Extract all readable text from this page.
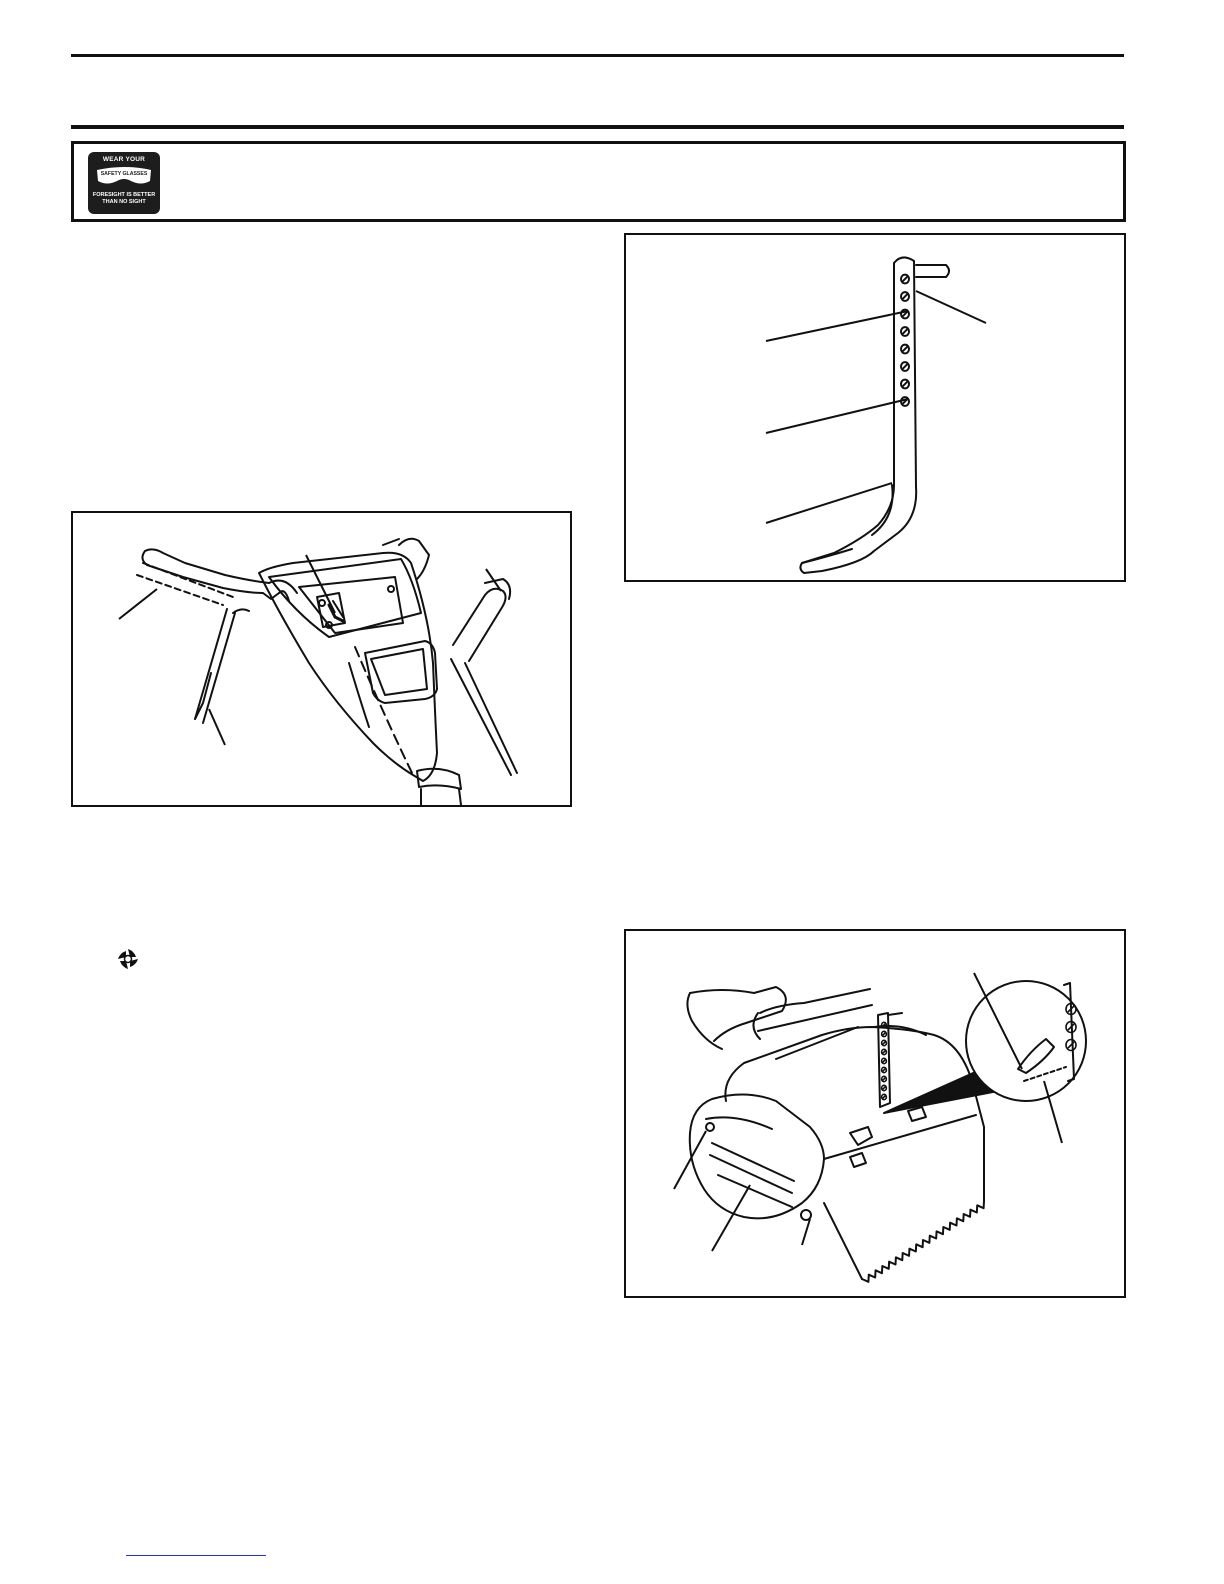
WEAR YOUR
SAFETY GLASSES
FORESIGHT IS BETTER
THAN NO SIGHT
